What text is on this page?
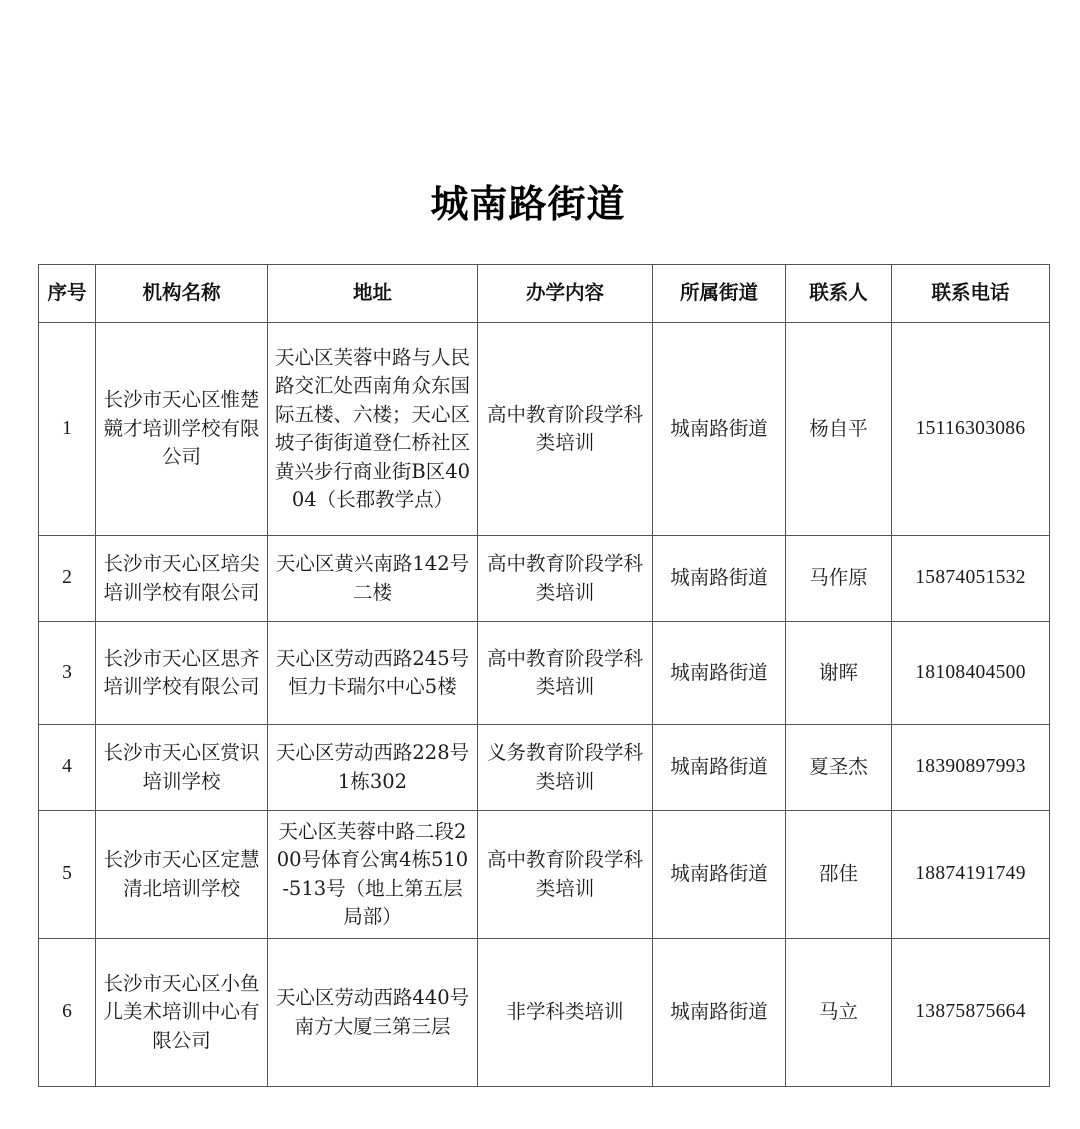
城南路街道
序号	机构名称	地址	办学内容	所属街道	联系人	联系电话
1	长沙市天心区惟楚競才培训学校有限公司	天心区芙蓉中路与人民路交汇处西南角众东国际五楼、六楼；天心区坡子街街道登仁桥社区黄兴步行商业街B区4004（长郡教学点）	高中教育阶段学科类培训	城南路街道	杨自平	15116303086
2	长沙市天心区培尖培训学校有限公司	天心区黄兴南路142号二楼	高中教育阶段学科类培训	城南路街道	马作原	15874051532
3	长沙市天心区思齐培训学校有限公司	天心区劳动西路245号恒力卡瑞尔中心5楼	高中教育阶段学科类培训	城南路街道	谢晖	18108404500
4	长沙市天心区赏识培训学校	天心区劳动西路228号1栋302	义务教育阶段学科类培训	城南路街道	夏圣杰	18390897993
5	长沙市天心区定慧清北培训学校	天心区芙蓉中路二段200号体育公寓4栋510-513号（地上第五层局部）	高中教育阶段学科类培训	城南路街道	邵佳	18874191749
6	长沙市天心区小鱼儿美术培训中心有限公司	天心区劳动西路440号南方大厦三第三层	非学科类培训	城南路街道	马立	13875875664
